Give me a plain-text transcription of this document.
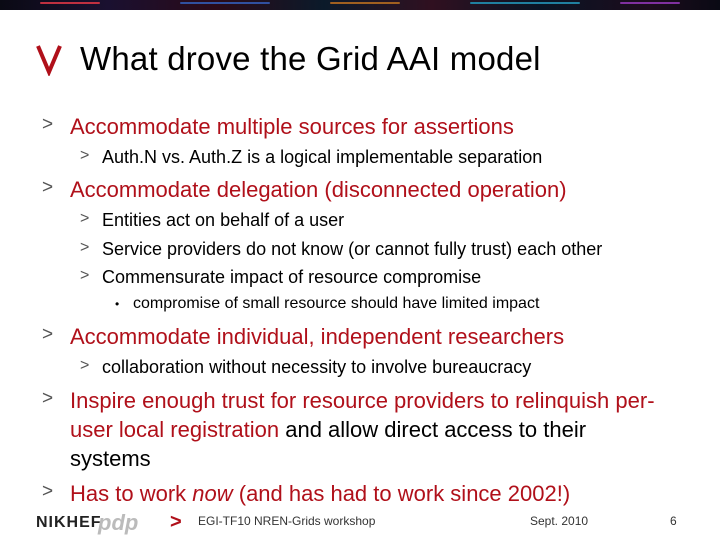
What drove the Grid AAI model
> Accommodate multiple sources for assertions
> Auth.N vs. Auth.Z is a logical implementable separation
> Accommodate delegation (disconnected operation)
> Entities act on behalf of a user
> Service providers do not know (or cannot fully trust) each other
> Commensurate impact of resource compromise
• compromise of small resource should have limited impact
> Accommodate individual, independent researchers
> collaboration without necessity to involve bureaucracy
> Inspire enough trust for resource providers to relinquish per-
user local registration and allow direct access to their
systems
> Has to work now (and has had to work since 2002!)
NIKHEF
pdp > EGI-TF10 NREN-Grids workshop	Sept. 2010	6
